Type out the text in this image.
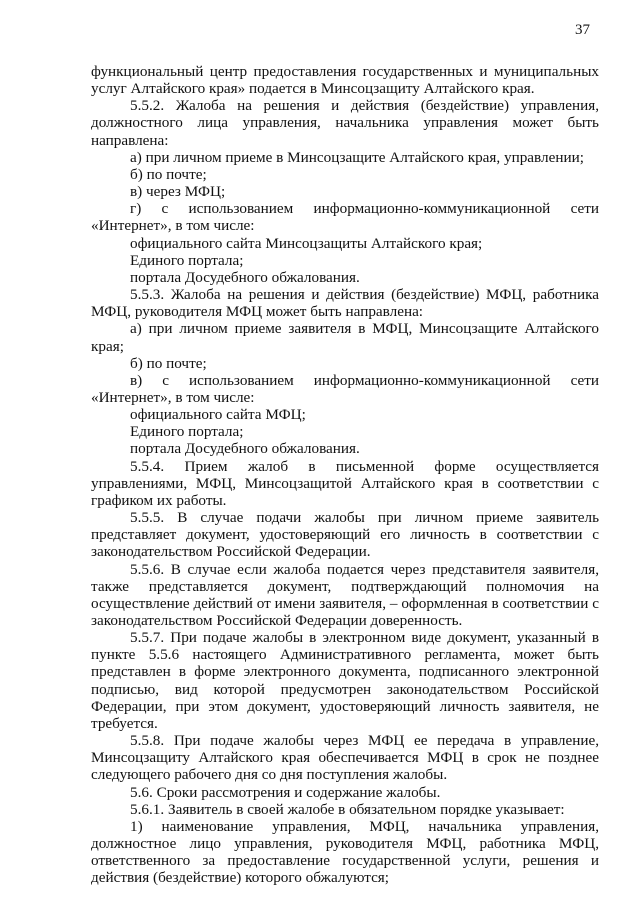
37

функциональный центр предоставления государственных и муниципальных услуг Алтайского края» подается в Минсоцзащиту Алтайского края.

5.5.2. Жалоба на решения и действия (бездействие) управления, должностного лица управления, начальника управления может быть направлена:

а) при личном приеме в Минсоцзащите Алтайского края, управлении;

б) по почте;

в) через МФЦ;

г) с использованием информационно-коммуникационной сети «Интернет», в том числе:

официального сайта Минсоцзащиты Алтайского края;

Единого портала;

портала Досудебного обжалования.

5.5.3. Жалоба на решения и действия (бездействие) МФЦ, работника МФЦ, руководителя МФЦ может быть направлена:

а) при личном приеме заявителя в МФЦ, Минсоцзащите Алтайского края;

б) по почте;

в) с использованием информационно-коммуникационной сети «Интернет», в том числе:

официального сайта МФЦ;

Единого портала;

портала Досудебного обжалования.

5.5.4. Прием жалоб в письменной форме осуществляется управлениями, МФЦ, Минсоцзащитой Алтайского края в соответствии с графиком их работы.

5.5.5. В случае подачи жалобы при личном приеме заявитель представляет документ, удостоверяющий его личность в соответствии с законодательством Российской Федерации.

5.5.6. В случае если жалоба подается через представителя заявителя, также представляется документ, подтверждающий полномочия на осуществление действий от имени заявителя, – оформленная в соответствии с законодательством Российской Федерации доверенность.

5.5.7. При подаче жалобы в электронном виде документ, указанный в пункте 5.5.6 настоящего Административного регламента, может быть представлен в форме электронного документа, подписанного электронной подписью, вид которой предусмотрен законодательством Российской Федерации, при этом документ, удостоверяющий личность заявителя, не требуется.

5.5.8. При подаче жалобы через МФЦ ее передача в управление, Минсоцзащиту Алтайского края обеспечивается МФЦ в срок не позднее следующего рабочего дня со дня поступления жалобы.

5.6. Сроки рассмотрения и содержание жалобы.

5.6.1. Заявитель в своей жалобе в обязательном порядке указывает:

1) наименование управления, МФЦ, начальника управления, должностное лицо управления, руководителя МФЦ, работника МФЦ, ответственного за предоставление государственной услуги, решения и действия (бездействие) которого обжалуются;
